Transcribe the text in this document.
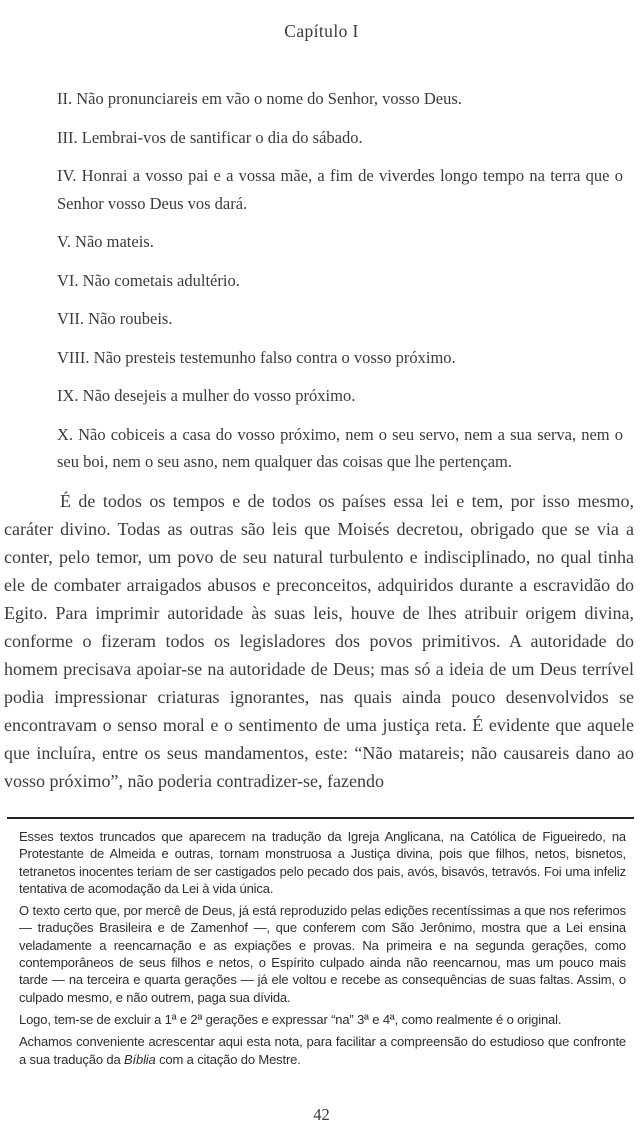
Capítulo I

II. Não pronunciareis em vão o nome do Senhor, vosso Deus.

III. Lembrai-vos de santificar o dia do sábado.

IV. Honrai a vosso pai e a vossa mãe, a fim de viverdes longo tempo na terra que o Senhor vosso Deus vos dará.

V. Não mateis.

VI. Não cometais adultério.

VII. Não roubeis.

VIII. Não presteis testemunho falso contra o vosso próximo.

IX. Não desejeis a mulher do vosso próximo.

X. Não cobiceis a casa do vosso próximo, nem o seu servo, nem a sua serva, nem o seu boi, nem o seu asno, nem qualquer das coisas que lhe pertençam.

É de todos os tempos e de todos os países essa lei e tem, por isso mesmo, caráter divino. Todas as outras são leis que Moisés decretou, obrigado que se via a conter, pelo temor, um povo de seu natural turbulento e indisciplinado, no qual tinha ele de combater arraigados abusos e preconceitos, adquiridos durante a escravidão do Egito. Para imprimir autoridade às suas leis, houve de lhes atribuir origem divina, conforme o fizeram todos os legisladores dos povos primitivos. A autoridade do homem precisava apoiar-se na autoridade de Deus; mas só a ideia de um Deus terrível podia impressionar criaturas ignorantes, nas quais ainda pouco desenvolvidos se encontravam o senso moral e o sentimento de uma justiça reta. É evidente que aquele que incluíra, entre os seus mandamentos, este: “Não matareis; não causareis dano ao vosso próximo”, não poderia contradizer-se, fazendo

Esses textos truncados que aparecem na tradução da Igreja Anglicana, na Católica de Figueiredo, na Protestante de Almeida e outras, tornam monstruosa a Justiça divina, pois que filhos, netos, bisnetos, tetranetos inocentes teriam de ser castigados pelo pecado dos pais, avós, bisavós, tetravós. Foi uma infeliz tentativa de acomodação da Lei à vida única.

O texto certo que, por mercê de Deus, já está reproduzido pelas edições recentíssimas a que nos referimos — traduções Brasileira e de Zamenhof —, que conferem com São Jerônimo, mostra que a Lei ensina veladamente a reencarnação e as expiações e provas. Na primeira e na segunda gerações, como contemporâneos de seus filhos e netos, o Espírito culpado ainda não reencarnou, mas um pouco mais tarde — na terceira e quarta gerações — já ele voltou e recebe as consequências de suas faltas. Assim, o culpado mesmo, e não outrem, paga sua dívida.

Logo, tem-se de excluir a 1ª e 2ª gerações e expressar “na” 3ª e 4ª, como realmente é o original.

Achamos conveniente acrescentar aqui esta nota, para facilitar a compreensão do estudioso que confronte a sua tradução da Bíblia com a citação do Mestre.

42
